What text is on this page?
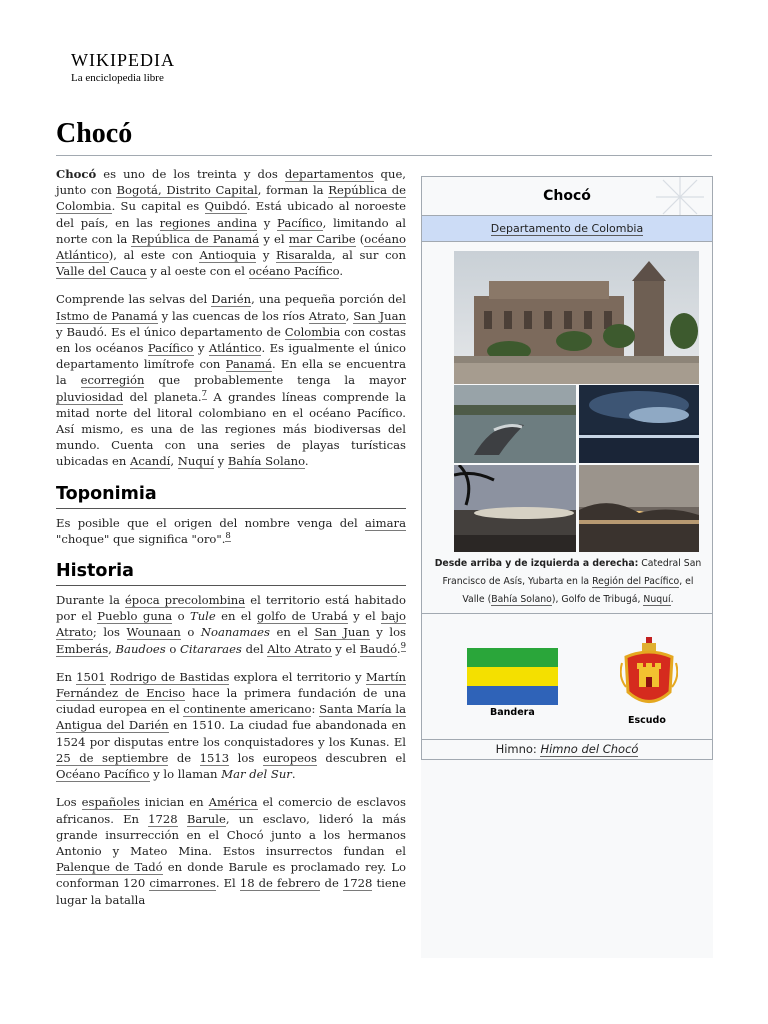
WIKIPEDIA
La enciclopedia libre
Chocó

Chocó es uno de los treinta y dos departamentos que, junto con Bogotá, Distrito Capital, forman la República de Colombia. Su capital es Quibdó. Está ubicado al noroeste del país, en las regiones andina y Pacífico, limitando al norte con la República de Panamá y el mar Caribe (océano Atlántico), al este con Antioquia y Risaralda, al sur con Valle del Cauca y al oeste con el océano Pacífico.

Comprende las selvas del Darién, una pequeña porción del Istmo de Panamá y las cuencas de los ríos Atrato, San Juan y Baudó. Es el único departamento de Colombia con costas en los océanos Pacífico y Atlántico. Es igualmente el único departamento limítrofe con Panamá. En ella se encuentra la ecorregión que probablemente tenga la mayor pluviosidad del planeta.$^7$ A grandes líneas comprende la mitad norte del litoral colombiano en el océano Pacífico. Así mismo, es una de las regiones más biodiversas del mundo. Cuenta con una series de playas turísticas ubicadas en Acandí, Nuquí y Bahía Solano.

Toponimia

Es posible que el origen del nombre venga del aimara "choque" que significa "oro".$^8$

Historia

Durante la época precolombina el territorio está habitado por el Pueblo guna o Tule en el golfo de Urabá y el bajo Atrato; los Wounaan o Noanamaes en el San Juan y los Emberás, Baudoes o Citararaes del Alto Atrato y el Baudó.$^9$

En 1501 Rodrigo de Bastidas explora el territorio y Martín Fernández de Enciso hace la primera fundación de una ciudad europea en el continente americano: Santa María la Antigua del Darién en 1510. La ciudad fue abandonada en 1524 por disputas entre los conquistadores y los Kunas. El 25 de septiembre de 1513 los europeos descubren el Océano Pacífico y lo llaman Mar del Sur.

Los españoles inician en América el comercio de esclavos africanos. En 1728 Barule, un esclavo, lideró la más grande insurrección en el Chocó junto a los hermanos Antonio y Mateo Mina. Estos insurrectos fundan el Palenque de Tadó en donde Barule es proclamado rey. Lo conforman 120 cimarrones. El 18 de febrero de 1728 tiene lugar la batalla

Chocó
Departamento de Colombia
Desde arriba y de izquierda a derecha: Catedral San Francisco de Asís, Yubarta en la Región del Pacífico, el Valle (Bahía Solano), Golfo de Tribugá, Nuquí.
Bandera
Escudo
Himno: Himno del Chocó
